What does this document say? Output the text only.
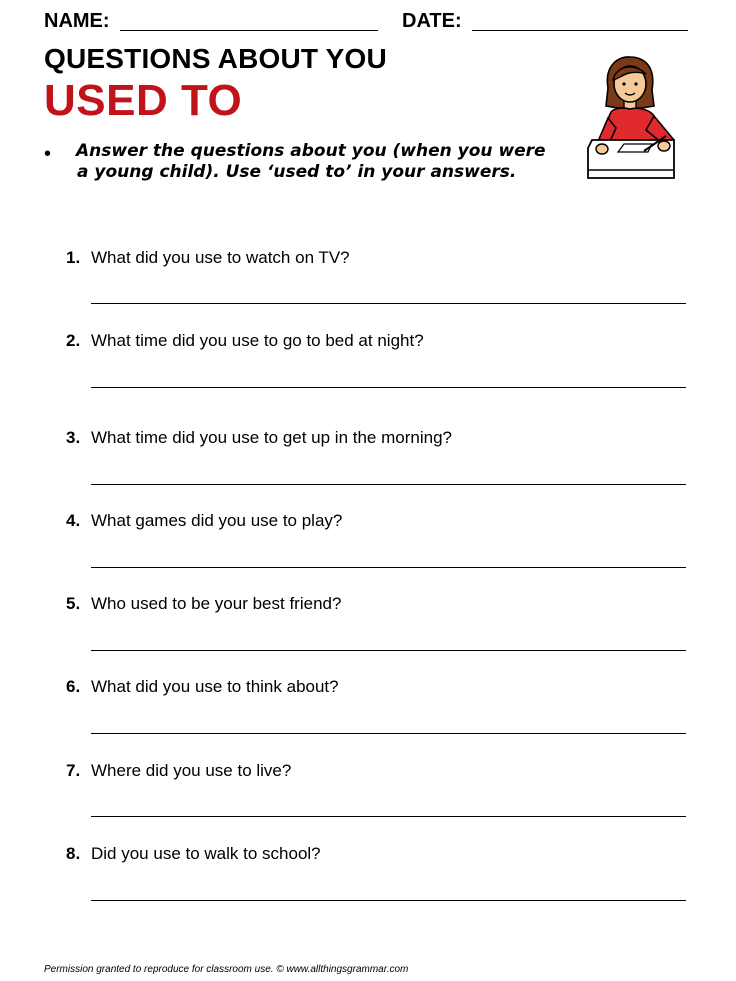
NAME:	DATE:
QUESTIONS ABOUT YOU
USED TO
• Answer the questions about you (when you were
a young child). Use ‘used to’ in your answers.
1. What did you use to watch on TV?
2. What time did you use to go to bed at night?
3. What time did you use to get up in the morning?
4. What games did you use to play?
5. Who used to be your best friend?
6. What did you use to think about?
7. Where did you use to live?
8. Did you use to walk to school?
Permission granted to reproduce for classroom use. © www.allthingsgrammar.com
